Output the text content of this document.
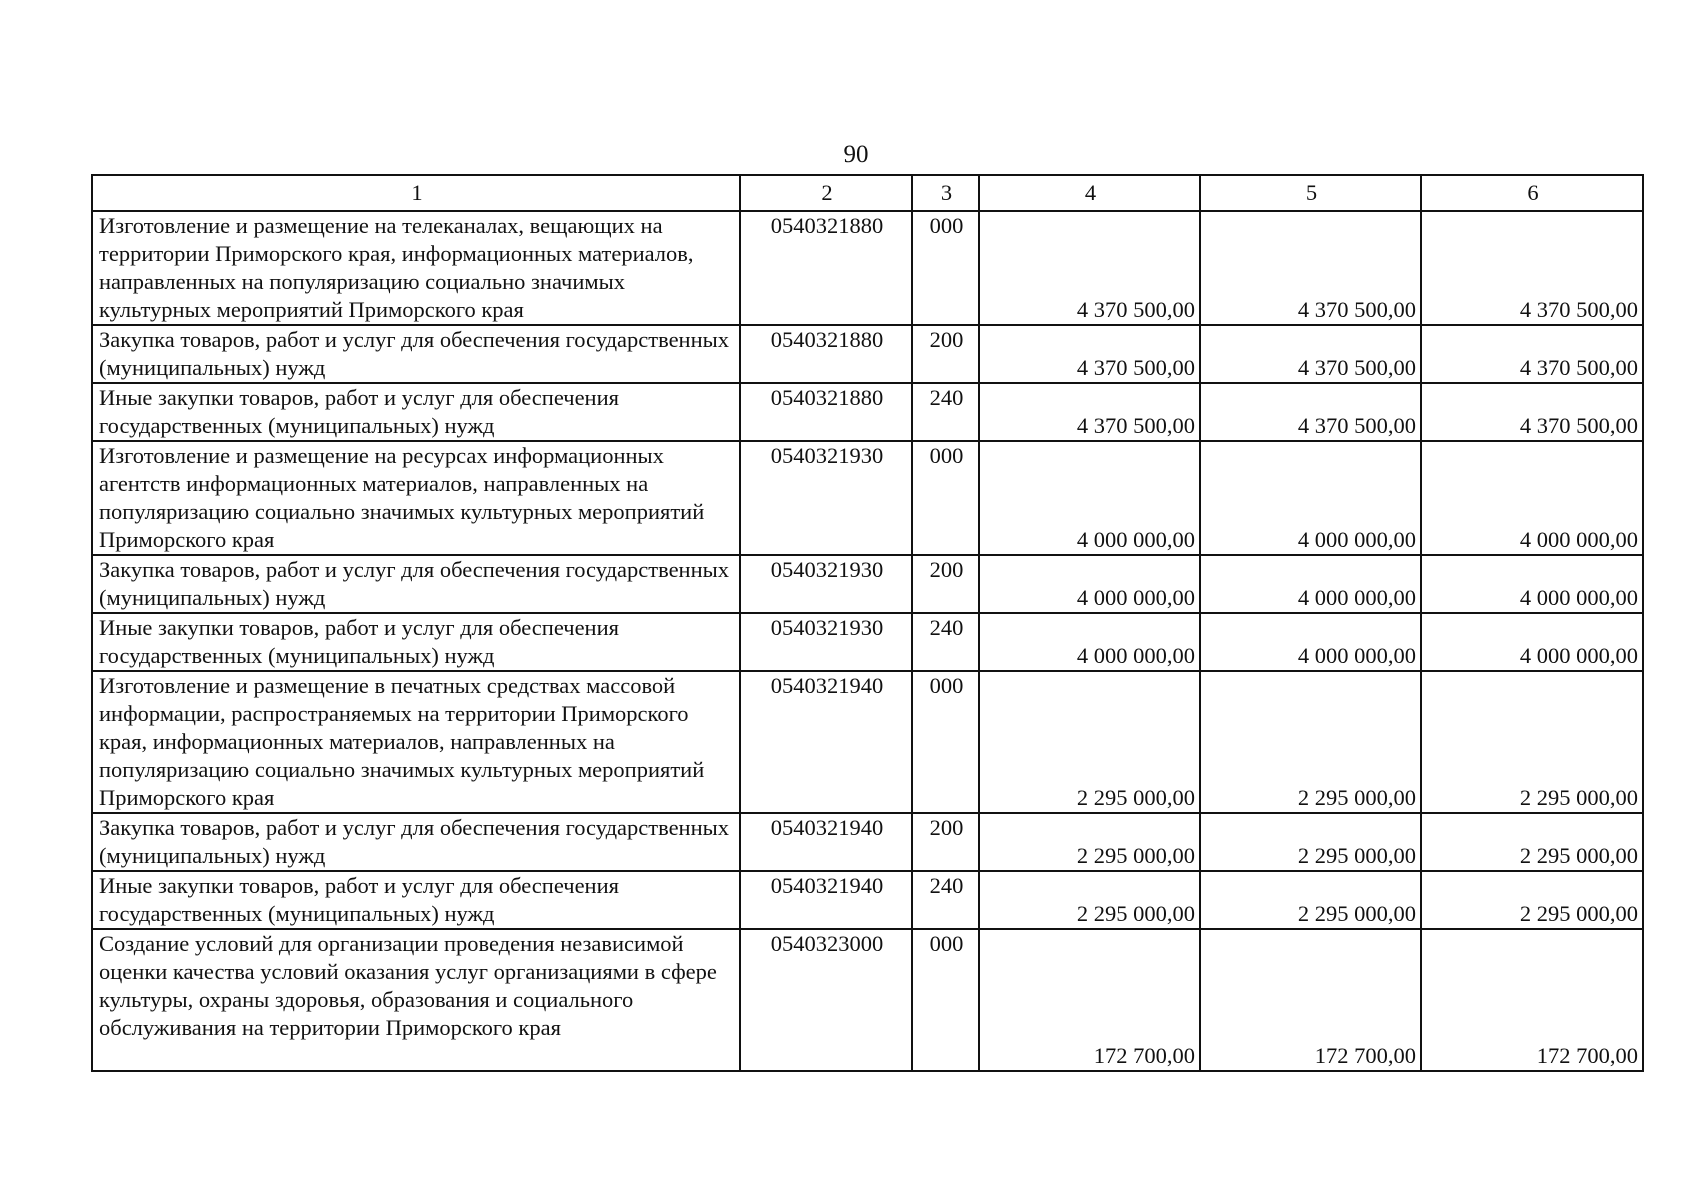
90
1	2	3	4	5	6
Изготовление и размещение на телеканалах, вещающих на территории Приморского края, информационных материалов, направленных на популяризацию социально значимых культурных мероприятий Приморского края	0540321880	000	4 370 500,00	4 370 500,00	4 370 500,00
Закупка товаров, работ и услуг для обеспечения государственных (муниципальных) нужд	0540321880	200	4 370 500,00	4 370 500,00	4 370 500,00
Иные закупки товаров, работ и услуг для обеспечения государственных (муниципальных) нужд	0540321880	240	4 370 500,00	4 370 500,00	4 370 500,00
Изготовление и размещение на ресурсах информационных агентств информационных материалов, направленных на популяризацию социально значимых культурных мероприятий Приморского края	0540321930	000	4 000 000,00	4 000 000,00	4 000 000,00
Закупка товаров, работ и услуг для обеспечения государственных (муниципальных) нужд	0540321930	200	4 000 000,00	4 000 000,00	4 000 000,00
Иные закупки товаров, работ и услуг для обеспечения государственных (муниципальных) нужд	0540321930	240	4 000 000,00	4 000 000,00	4 000 000,00
Изготовление и размещение в печатных средствах массовой информации, распространяемых на территории Приморского края, информационных материалов, направленных на популяризацию социально значимых культурных мероприятий Приморского края	0540321940	000	2 295 000,00	2 295 000,00	2 295 000,00
Закупка товаров, работ и услуг для обеспечения государственных (муниципальных) нужд	0540321940	200	2 295 000,00	2 295 000,00	2 295 000,00
Иные закупки товаров, работ и услуг для обеспечения государственных (муниципальных) нужд	0540321940	240	2 295 000,00	2 295 000,00	2 295 000,00
Создание условий для организации проведения независимой оценки качества условий оказания услуг организациями в сфере культуры, охраны здоровья, образования и социального обслуживания на территории Приморского края	0540323000	000	172 700,00	172 700,00	172 700,00
